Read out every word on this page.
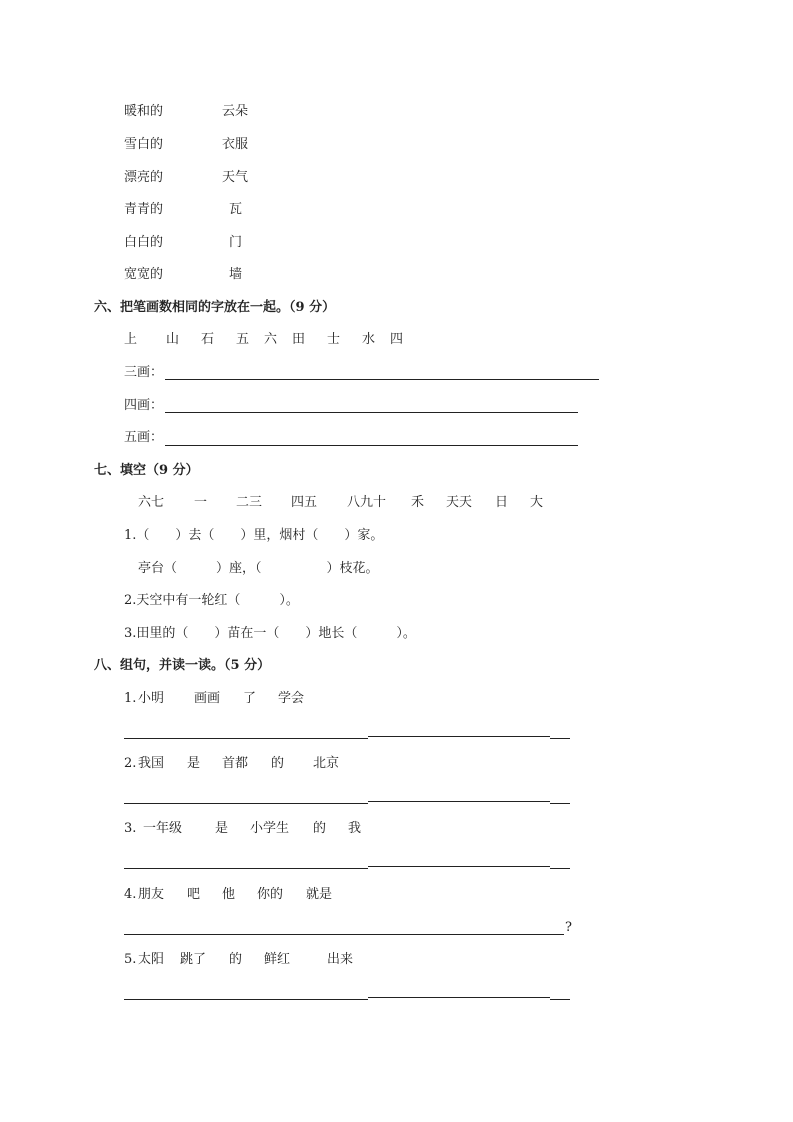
暖和的	云朵
雪白的	衣服
漂亮的	天气
青青的	瓦
白白的	门
宽宽的	墙
六、把笔画数相同的字放在一起。（9 分）
上 山 石 五 六 田 士 水 四
三画：
四画：
五画：
七、填空（9 分）
六七 一 二三 四五 八九十 禾 天天 日 大
1.（　　）去（　　）里，烟村（　　）家。
亭台（　　　）座，（　　　　　）枝花。
2.天空中有一轮红（　　　）。
3.田里的（　　）苗在一（　　）地长（　　　）。
八、组句，并读一读。（5 分）
1. 小明 画画 了 学会
2. 我国 是 首都 的 北京
3. 一年级	是 小学生 的 我
4. 朋友 吧 他 你的 就是
?
5. 太阳 跳了 的 鲜红	出来
